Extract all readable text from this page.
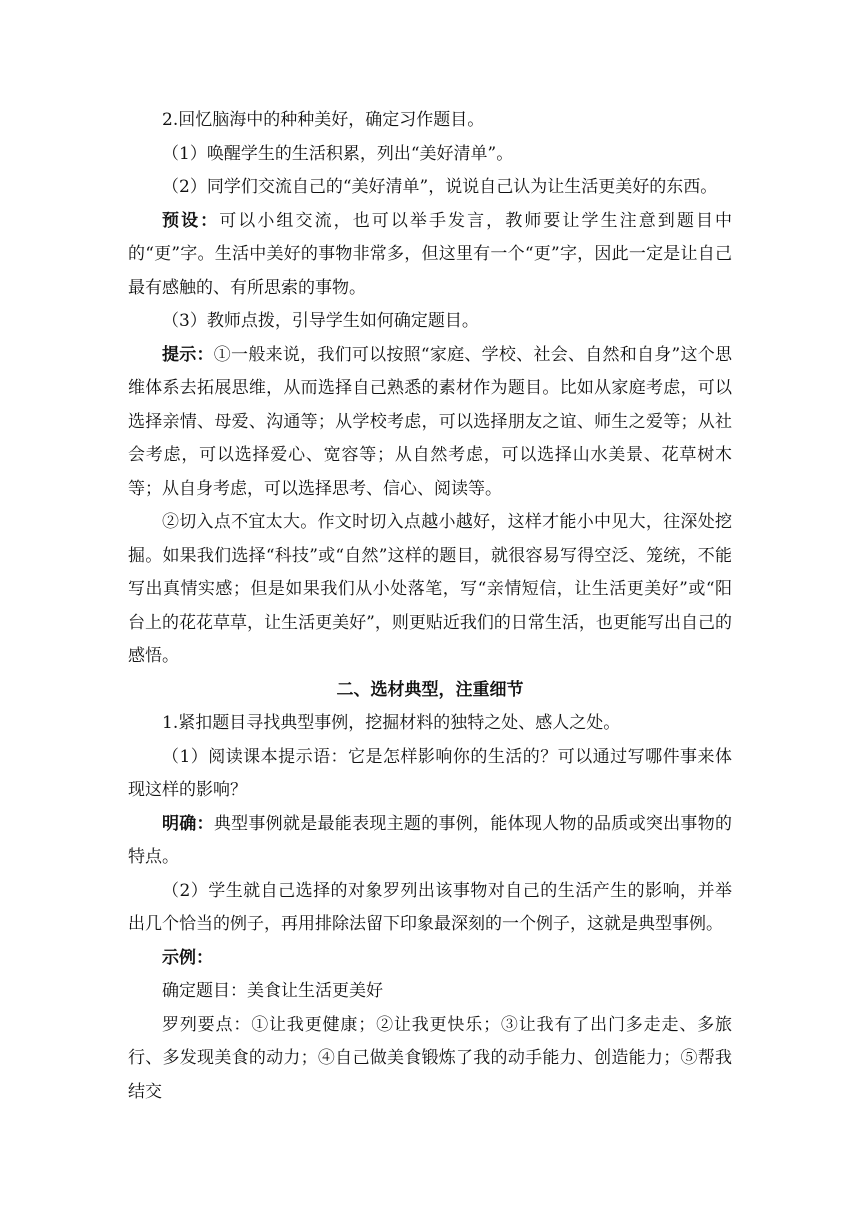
2.回忆脑海中的种种美好，确定习作题目。

（1）唤醒学生的生活积累，列出“美好清单”。

（2）同学们交流自己的“美好清单”，说说自己认为让生活更美好的东西。

预设：可以小组交流，也可以举手发言，教师要让学生注意到题目中的“更”字。生活中美好的事物非常多，但这里有一个“更”字，因此一定是让自己最有感触的、有所思索的事物。

（3）教师点拨，引导学生如何确定题目。

提示：①一般来说，我们可以按照“家庭、学校、社会、自然和自身”这个思维体系去拓展思维，从而选择自己熟悉的素材作为题目。比如从家庭考虑，可以选择亲情、母爱、沟通等；从学校考虑，可以选择朋友之谊、师生之爱等；从社会考虑，可以选择爱心、宽容等；从自然考虑，可以选择山水美景、花草树木等；从自身考虑，可以选择思考、信心、阅读等。

②切入点不宜太大。作文时切入点越小越好，这样才能小中见大，往深处挖掘。如果我们选择“科技”或“自然”这样的题目，就很容易写得空泛、笼统，不能写出真情实感；但是如果我们从小处落笔，写“亲情短信，让生活更美好”或“阳台上的花花草草，让生活更美好”，则更贴近我们的日常生活，也更能写出自己的感悟。

二、选材典型，注重细节

1.紧扣题目寻找典型事例，挖掘材料的独特之处、感人之处。

（1）阅读课本提示语：它是怎样影响你的生活的？可以通过写哪件事来体现这样的影响？

明确：典型事例就是最能表现主题的事例，能体现人物的品质或突出事物的特点。

（2）学生就自己选择的对象罗列出该事物对自己的生活产生的影响，并举出几个恰当的例子，再用排除法留下印象最深刻的一个例子，这就是典型事例。

示例：

确定题目：美食让生活更美好

罗列要点：①让我更健康；②让我更快乐；③让我有了出门多走走、多旅行、多发现美食的动力；④自己做美食锻炼了我的动手能力、创造能力；⑤帮我结交
